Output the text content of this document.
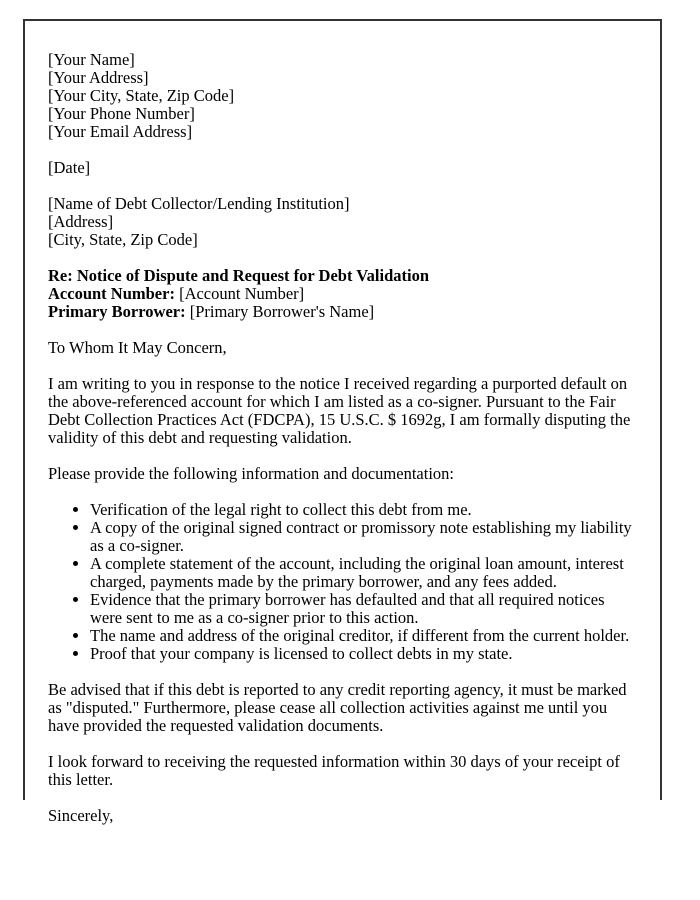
[Your Name]
[Your Address]
[Your City, State, Zip Code]
[Your Phone Number]
[Your Email Address]

[Date]

[Name of Debt Collector/Lending Institution]
[Address]
[City, State, Zip Code]

Re: Notice of Dispute and Request for Debt Validation
Account Number: [Account Number]
Primary Borrower: [Primary Borrower's Name]

To Whom It May Concern,

I am writing to you in response to the notice I received regarding a purported default on the above-referenced account for which I am listed as a co-signer. Pursuant to the Fair Debt Collection Practices Act (FDCPA), 15 U.S.C. $ 1692g, I am formally disputing the validity of this debt and requesting validation.

Please provide the following information and documentation:

• Verification of the legal right to collect this debt from me.
• A copy of the original signed contract or promissory note establishing my liability as a co-signer.
• A complete statement of the account, including the original loan amount, interest charged, payments made by the primary borrower, and any fees added.
• Evidence that the primary borrower has defaulted and that all required notices were sent to me as a co-signer prior to this action.
• The name and address of the original creditor, if different from the current holder.
• Proof that your company is licensed to collect debts in my state.

Be advised that if this debt is reported to any credit reporting agency, it must be marked as "disputed." Furthermore, please cease all collection activities against me until you have provided the requested validation documents.

I look forward to receiving the requested information within 30 days of your receipt of this letter.

Sincerely,
